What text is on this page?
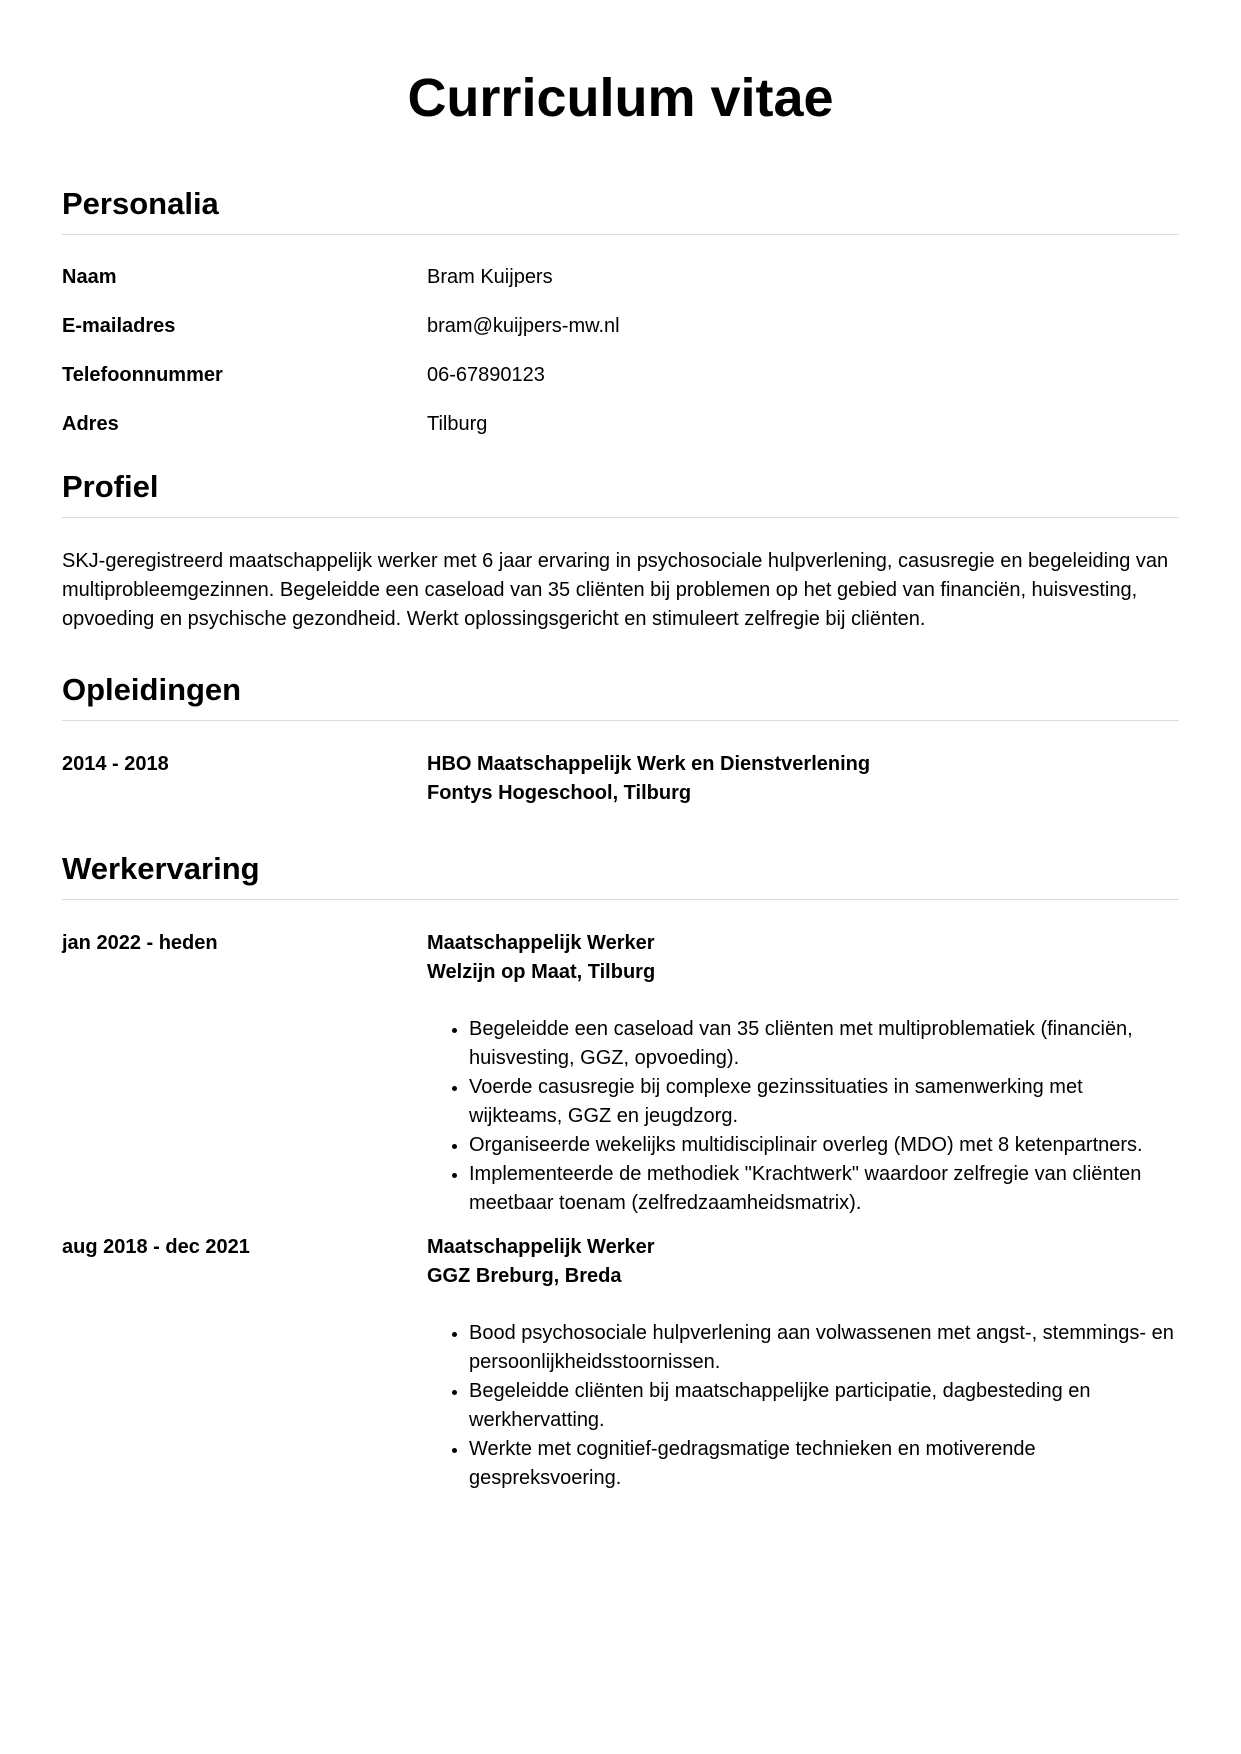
Curriculum vitae
Personalia
Naam	Bram Kuijpers
E-mailadres	bram@kuijpers-mw.nl
Telefoonnummer	06-67890123
Adres	Tilburg
Profiel

SKJ-geregistreerd maatschappelijk werker met 6 jaar ervaring in psychosociale hulpverlening, casusregie en begeleiding van multiprobleemgezinnen. Begeleidde een caseload van 35 cliënten bij problemen op het gebied van financiën, huisvesting, opvoeding en psychische gezondheid. Werkt oplossingsgericht en stimuleert zelfregie bij cliënten.

Opleidingen
2014 - 2018	HBO Maatschappelijk Werk en Dienstverlening
Fontys Hogeschool, Tilburg
Werkervaring
jan 2022 - heden	Maatschappelijk Werker
Welzijn op Maat, Tilburg
• Begeleidde een caseload van 35 cliënten met multiproblematiek (financiën, huisvesting, GGZ, opvoeding).
• Voerde casusregie bij complexe gezinssituaties in samenwerking met wijkteams, GGZ en jeugdzorg.
• Organiseerde wekelijks multidisciplinair overleg (MDO) met 8 ketenpartners.
• Implementeerde de methodiek "Krachtwerk" waardoor zelfregie van cliënten meetbaar toenam (zelfredzaamheidsmatrix).
aug 2018 - dec 2021	Maatschappelijk Werker
GGZ Breburg, Breda
• Bood psychosociale hulpverlening aan volwassenen met angst-, stemmings- en persoonlijkheidsstoornissen.
• Begeleidde cliënten bij maatschappelijke participatie, dagbesteding en werkhervatting.
• Werkte met cognitief-gedragsmatige technieken en motiverende gespreksvoering.
